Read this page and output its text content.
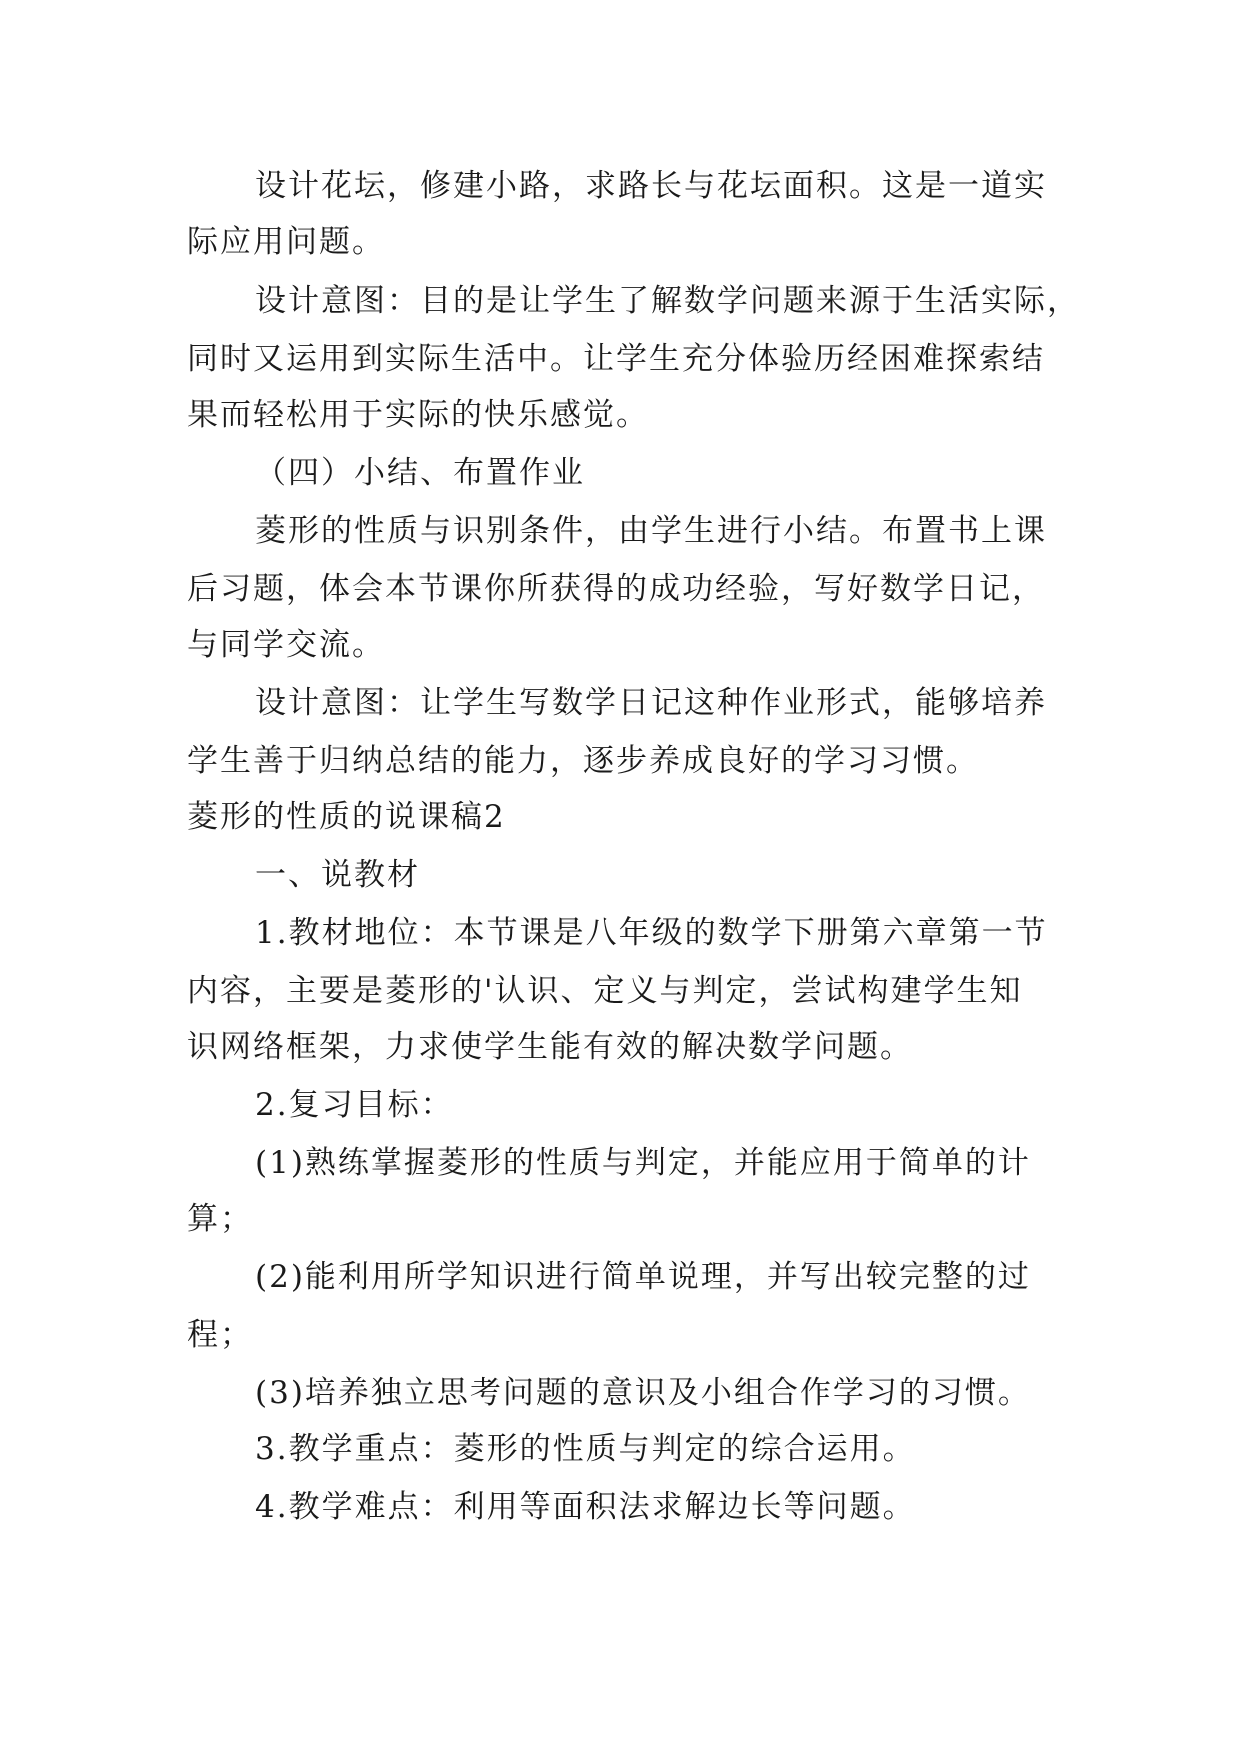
设计花坛，修建小路，求路长与花坛面积。这是一道实
际应用问题。
设计意图：目的是让学生了解数学问题来源于生活实际，
同时又运用到实际生活中。让学生充分体验历经困难探索结
果而轻松用于实际的快乐感觉。
（四）小结、布置作业
菱形的性质与识别条件，由学生进行小结。布置书上课
后习题，体会本节课你所获得的成功经验，写好数学日记，
与同学交流。
设计意图：让学生写数学日记这种作业形式，能够培养
学生善于归纳总结的能力，逐步养成良好的学习习惯。
菱形的性质的说课稿2
一、说教材
1.教材地位：本节课是八年级的数学下册第六章第一节
内容，主要是菱形的'认识、定义与判定，尝试构建学生知
识网络框架，力求使学生能有效的解决数学问题。
2.复习目标：
(1)熟练掌握菱形的性质与判定，并能应用于简单的计
算；
(2)能利用所学知识进行简单说理，并写出较完整的过
程；
(3)培养独立思考问题的意识及小组合作学习的习惯。
3.教学重点：菱形的性质与判定的综合运用。
4.教学难点：利用等面积法求解边长等问题。
